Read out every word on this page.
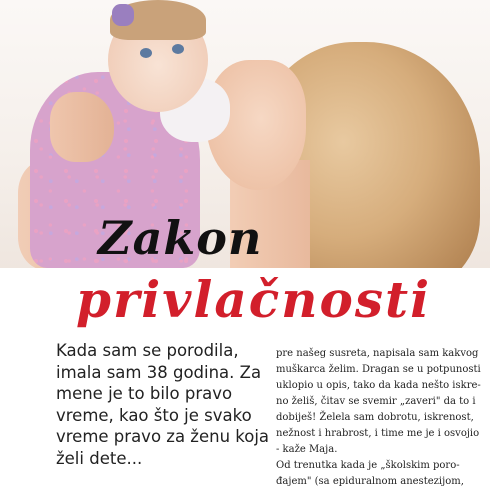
Zakon
privlačnosti

Kada sam se porodila,
imala sam 38 godina. Za
mene je to bilo pravo
vreme, kao što je svako
vreme pravo za ženu koja
želi dete...

pre našeg susreta, napisala sam kakvog
muškarca želim. Dragan se u potpunosti
uklopio u opis, tako da kada nešto iskre-
no želiš, čitav se svemir „zaveri" da to i
dobiješ! Želela sam dobrotu, iskrenost,
nežnost i hrabrost, i time me je i osvojio
- kaže Maja.
Od trenutka kada je „školskim poro-
đajem" (sa epiduralnom anestezijom,
